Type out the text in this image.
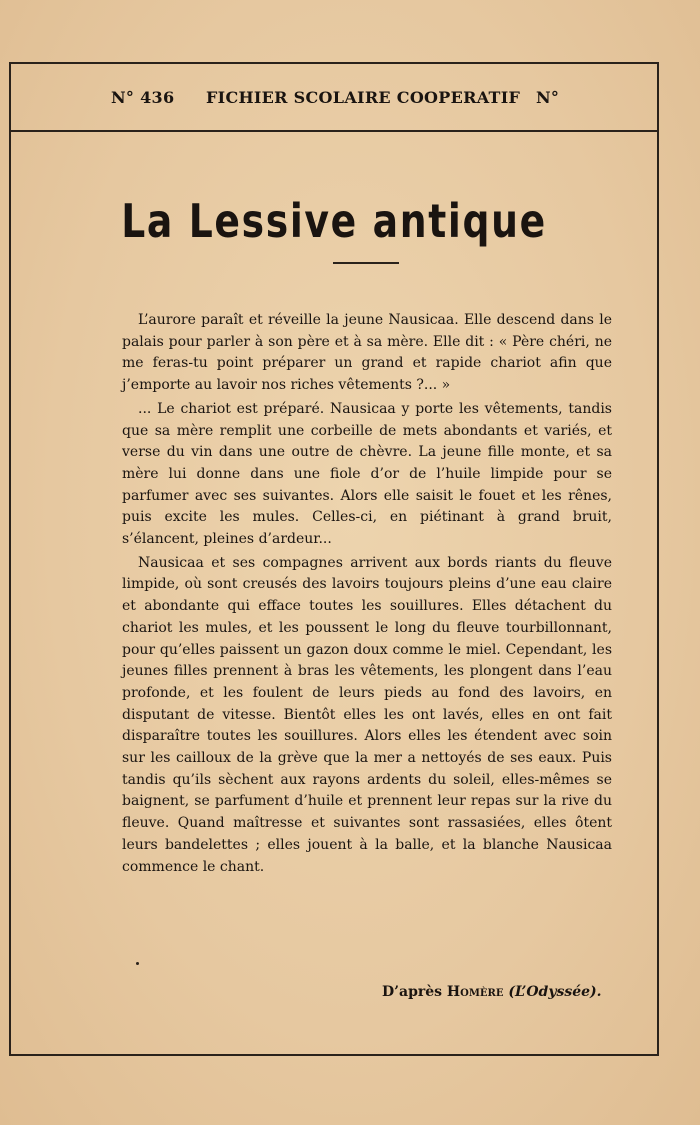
N° 436 FICHIER SCOLAIRE COOPERATIF N°
La Lessive antique

L’aurore paraît et réveille la jeune Nausicaa. Elle descend dans le palais pour parler à son père et à sa mère. Elle dit : « Père chéri, ne me feras-tu point préparer un grand et rapide chariot afin que j’emporte au lavoir nos riches vêtements ?... »

... Le chariot est préparé. Nausicaa y porte les vêtements, tandis que sa mère remplit une corbeille de mets abondants et variés, et verse du vin dans une outre de chèvre. La jeune fille monte, et sa mère lui donne dans une fiole d’or de l’huile limpide pour se parfumer avec ses suivantes. Alors elle saisit le fouet et les rênes, puis excite les mules. Celles-ci, en piétinant à grand bruit, s’élancent, pleines d’ardeur...

Nausicaa et ses compagnes arrivent aux bords riants du fleuve limpide, où sont creusés des lavoirs toujours pleins d’une eau claire et abondante qui efface toutes les souillures. Elles détachent du chariot les mules, et les poussent le long du fleuve tourbillonnant, pour qu’elles paissent un gazon doux comme le miel. Cependant, les jeunes filles prennent à bras les vêtements, les plongent dans l’eau profonde, et les foulent de leurs pieds au fond des lavoirs, en disputant de vitesse. Bientôt elles les ont lavés, elles en ont fait disparaître toutes les souillures. Alors elles les étendent avec soin sur les cailloux de la grève que la mer a nettoyés de ses eaux. Puis tandis qu’ils sèchent aux rayons ardents du soleil, elles-mêmes se baignent, se parfument d’huile et prennent leur repas sur la rive du fleuve. Quand maîtresse et suivantes sont rassasiées, elles ôtent leurs bandelettes ; elles jouent à la balle, et la blanche Nausicaa commence le chant.

D’après Homère (L’Odyssée).
